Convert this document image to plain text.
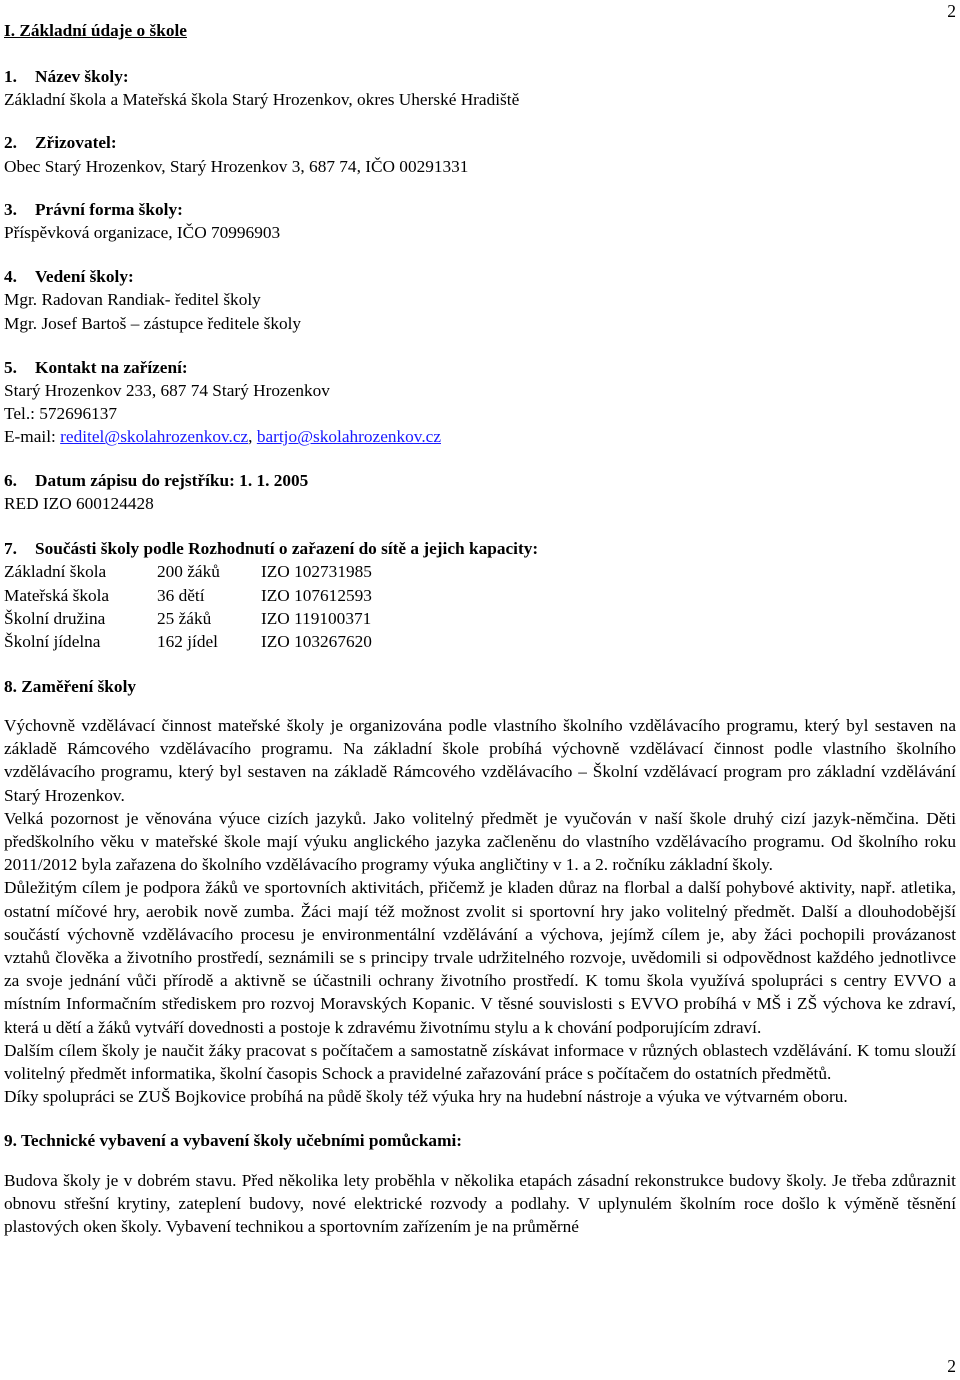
2
I. Základní údaje o škole

1. Název školy:

Základní škola a Mateřská škola Starý Hrozenkov, okres Uherské Hradiště

2. Zřizovatel:

Obec Starý Hrozenkov, Starý Hrozenkov 3, 687 74, IČO 00291331

3. Právní forma školy:

Příspěvková organizace, IČO 70996903

4. Vedení školy:

Mgr. Radovan Randiak- ředitel školy

Mgr. Josef Bartoš – zástupce ředitele školy

5. Kontakt na zařízení:

Starý Hrozenkov 233, 687 74 Starý Hrozenkov

Tel.: 572696137

E-mail: reditel@skolahrozenkov.cz, bartjo@skolahrozenkov.cz

6. Datum zápisu do rejstříku: 1. 1. 2005

RED IZO 600124428

7. Součásti školy podle Rozhodnutí o zařazení do sítě a jejich kapacity:

Základní škola	200 žáků	IZO 102731985
Mateřská škola	36 dětí	IZO 107612593
Školní družina	25 žáků	IZO 119100371
Školní jídelna	162 jídel	IZO 103267620

8. Zaměření školy

Výchovně vzdělávací činnost mateřské školy je organizována podle vlastního školního vzdělávacího programu, který byl sestaven na základě Rámcového vzdělávacího programu. Na základní škole probíhá výchovně vzdělávací činnost podle vlastního školního vzdělávacího programu, který byl sestaven na základě Rámcového vzdělávacího – Školní vzdělávací program pro základní vzdělávání Starý Hrozenkov.

Velká pozornost je věnována výuce cizích jazyků. Jako volitelný předmět je vyučován v naší škole druhý cizí jazyk-němčina. Děti předškolního věku v mateřské škole mají výuku anglického jazyka začleněnu do vlastního vzdělávacího programu. Od školního roku 2011/2012 byla zařazena do školního vzdělávacího programy výuka angličtiny v 1. a 2. ročníku základní školy.

Důležitým cílem je podpora žáků ve sportovních aktivitách, přičemž je kladen důraz na florbal a další pohybové aktivity, např. atletika, ostatní míčové hry, aerobik nově zumba. Žáci mají též možnost zvolit si sportovní hry jako volitelný předmět. Další a dlouhodobější součástí výchovně vzdělávacího procesu je environmentální vzdělávání a výchova, jejímž cílem je, aby žáci pochopili provázanost vztahů člověka a životního prostředí, seznámili se s principy trvale udržitelného rozvoje, uvědomili si odpovědnost každého jednotlivce za svoje jednání vůči přírodě a aktivně se účastnili ochrany životního prostředí. K tomu škola využívá spolupráci s centry EVVO a místním Informačním střediskem pro rozvoj Moravských Kopanic. V těsné souvislosti s EVVO probíhá v MŠ i ZŠ výchova ke zdraví, která u dětí a žáků vytváří dovednosti a postoje k zdravému životnímu stylu a k chování podporujícím zdraví.

Dalším cílem školy je naučit žáky pracovat s počítačem a samostatně získávat informace v různých oblastech vzdělávání. K tomu slouží volitelný předmět informatika, školní časopis Schock a pravidelné zařazování práce s počítačem do ostatních předmětů.

Díky spolupráci se ZUŠ Bojkovice probíhá na půdě školy též výuka hry na hudební nástroje a výuka ve výtvarném oboru.

9. Technické vybavení a vybavení školy učebními pomůckami:

Budova školy je v dobrém stavu. Před několika lety proběhla v několika etapách zásadní rekonstrukce budovy školy. Je třeba zdůraznit obnovu střešní krytiny, zateplení budovy, nové elektrické rozvody a podlahy. V uplynulém školním roce došlo k výměně těsnění plastových oken školy. Vybavení technikou a sportovním zařízením je na průměrné

2
